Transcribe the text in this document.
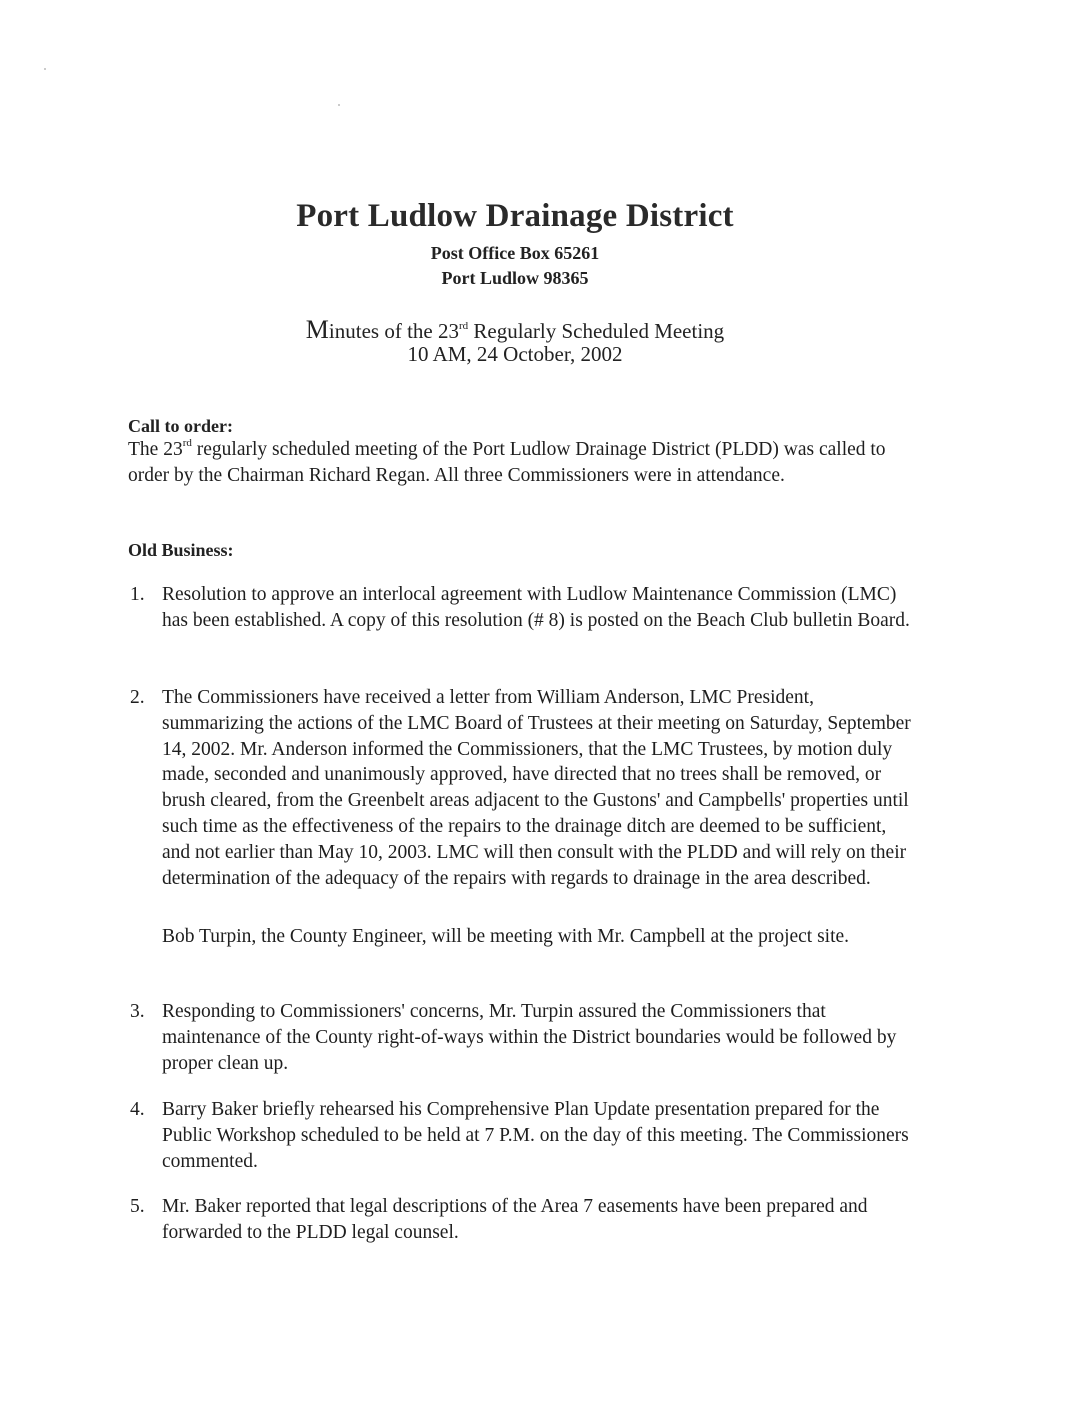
Port Ludlow Drainage District
Post Office Box 65261
Port Ludlow 98365
Minutes of the 23rd Regularly Scheduled Meeting
10 AM, 24 October, 2002
Call to order:
The 23rd regularly scheduled meeting of the Port Ludlow Drainage District (PLDD) was called to order by the Chairman Richard Regan. All three Commissioners were in attendance.
Old Business:
1. Resolution to approve an interlocal agreement with Ludlow Maintenance Commission (LMC) has been established. A copy of this resolution (# 8) is posted on the Beach Club bulletin Board.
2. The Commissioners have received a letter from William Anderson, LMC President, summarizing the actions of the LMC Board of Trustees at their meeting on Saturday, September 14, 2002. Mr. Anderson informed the Commissioners, that the LMC Trustees, by motion duly made, seconded and unanimously approved, have directed that no trees shall be removed, or brush cleared, from the Greenbelt areas adjacent to the Gustons' and Campbells' properties until such time as the effectiveness of the repairs to the drainage ditch are deemed to be sufficient, and not earlier than May 10, 2003. LMC will then consult with the PLDD and will rely on their determination of the adequacy of the repairs with regards to drainage in the area described.
Bob Turpin, the County Engineer, will be meeting with Mr. Campbell at the project site.
3. Responding to Commissioners' concerns, Mr. Turpin assured the Commissioners that maintenance of the County right-of-ways within the District boundaries would be followed by proper clean up.
4. Barry Baker briefly rehearsed his Comprehensive Plan Update presentation prepared for the Public Workshop scheduled to be held at 7 P.M. on the day of this meeting. The Commissioners commented.
5. Mr. Baker reported that legal descriptions of the Area 7 easements have been prepared and forwarded to the PLDD legal counsel.
